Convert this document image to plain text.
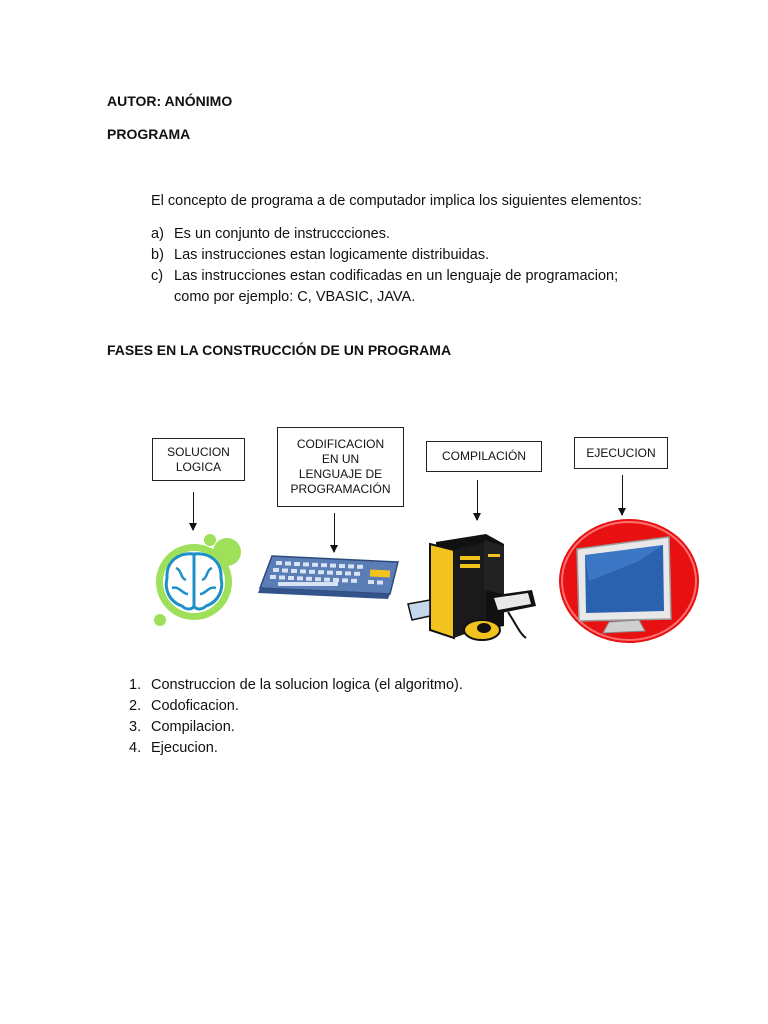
AUTOR: ANÓNIMO
PROGRAMA
El concepto de programa a de computador implica los siguientes elementos:
a) Es un conjunto de instruccciones.
b) Las instrucciones estan logicamente distribuidas.
c) Las instrucciones estan codificadas en un lenguaje de programacion;
como por ejemplo: C, VBASIC, JAVA.
FASES EN LA CONSTRUCCIÓN DE UN PROGRAMA
SOLUCION
LOGICA
CODIFICACION
EN UN
LENGUAJE DE
PROGRAMACIÓN
COMPILACIÓN	EJECUCION
1. Construccion de la solucion logica (el algoritmo).
2. Codoficacion.
3. Compilacion.
4. Ejecucion.
